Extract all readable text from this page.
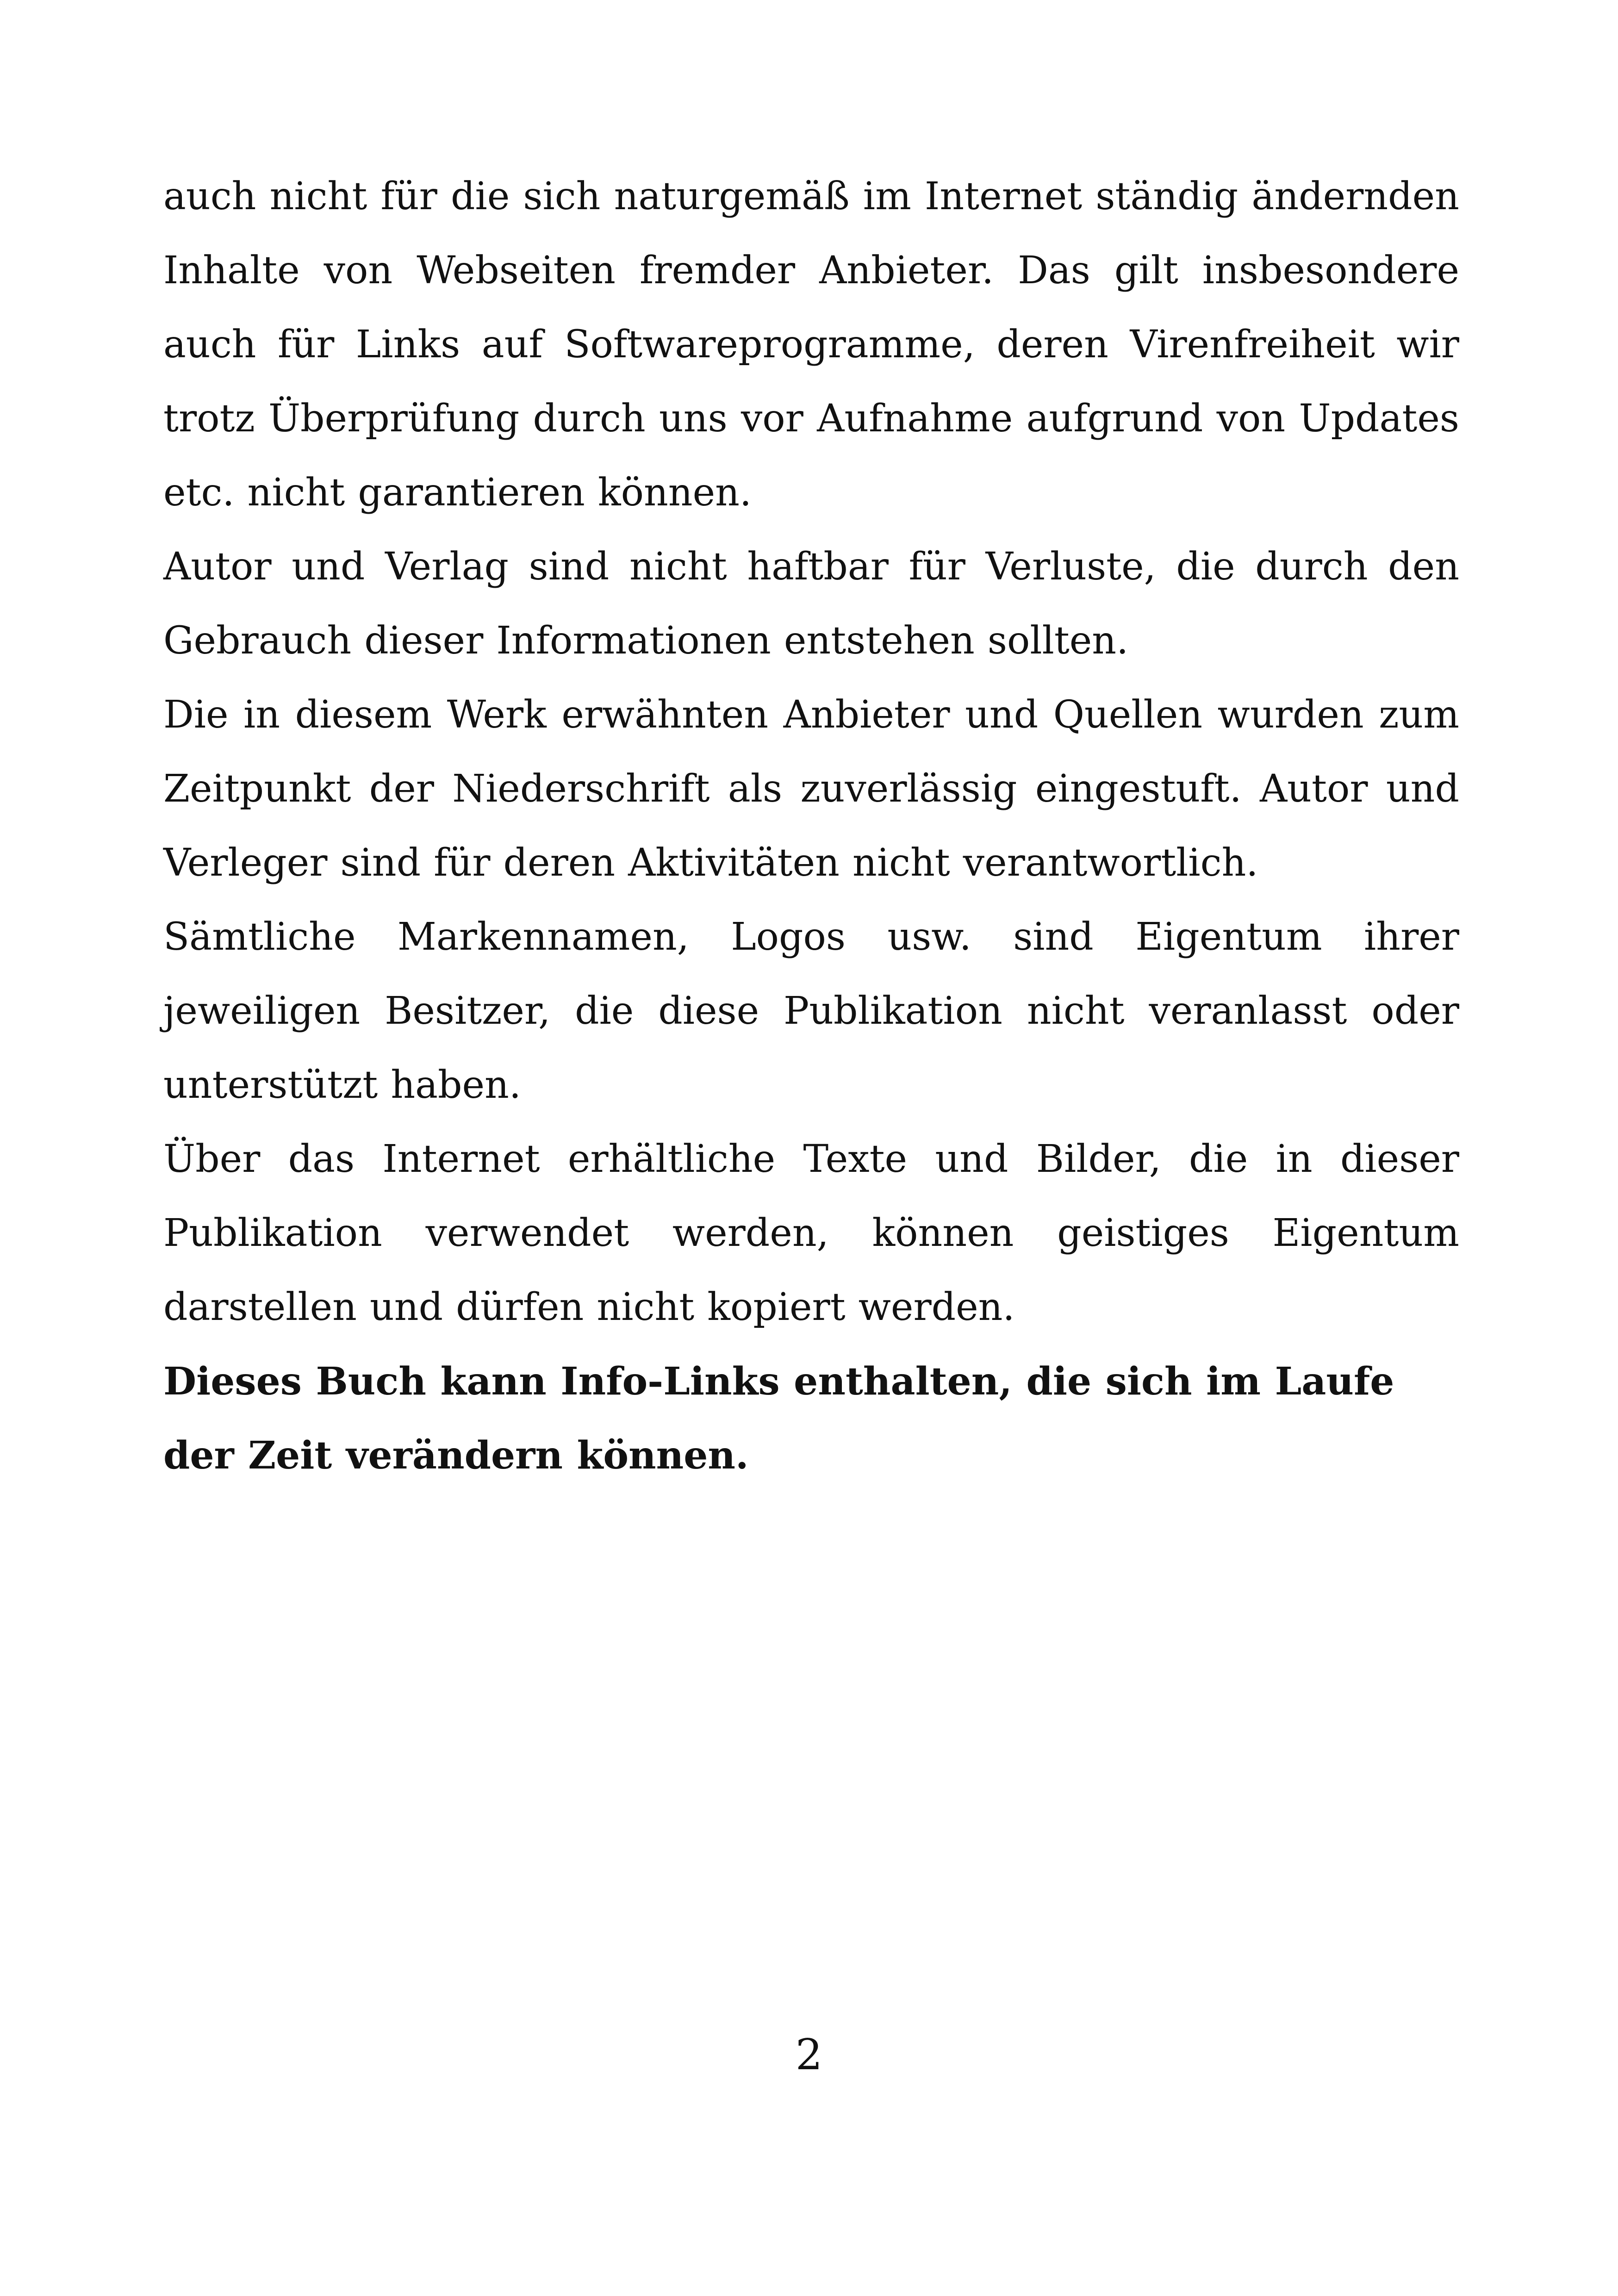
auch nicht für die sich naturgemäß im Internet ständig ändernden Inhalte von Webseiten fremder Anbieter. Das gilt insbesondere auch für Links auf Softwareprogramme, deren Virenfreiheit wir trotz Überprüfung durch uns vor Aufnahme aufgrund von Updates etc. nicht garantieren können.

Autor und Verlag sind nicht haftbar für Verluste, die durch den Gebrauch dieser Informationen entstehen sollten.

Die in diesem Werk erwähnten Anbieter und Quellen wurden zum Zeitpunkt der Niederschrift als zuverlässig eingestuft. Autor und Verleger sind für deren Aktivitäten nicht verantwortlich.

Sämtliche Markennamen, Logos usw. sind Eigentum ihrer jeweiligen Besitzer, die diese Publikation nicht veranlasst oder unterstützt haben.

Über das Internet erhältliche Texte und Bilder, die in dieser Publikation verwendet werden, können geistiges Eigentum darstellen und dürfen nicht kopiert werden.

Dieses Buch kann Info-Links enthalten, die sich im Laufe der Zeit verändern können.

2
